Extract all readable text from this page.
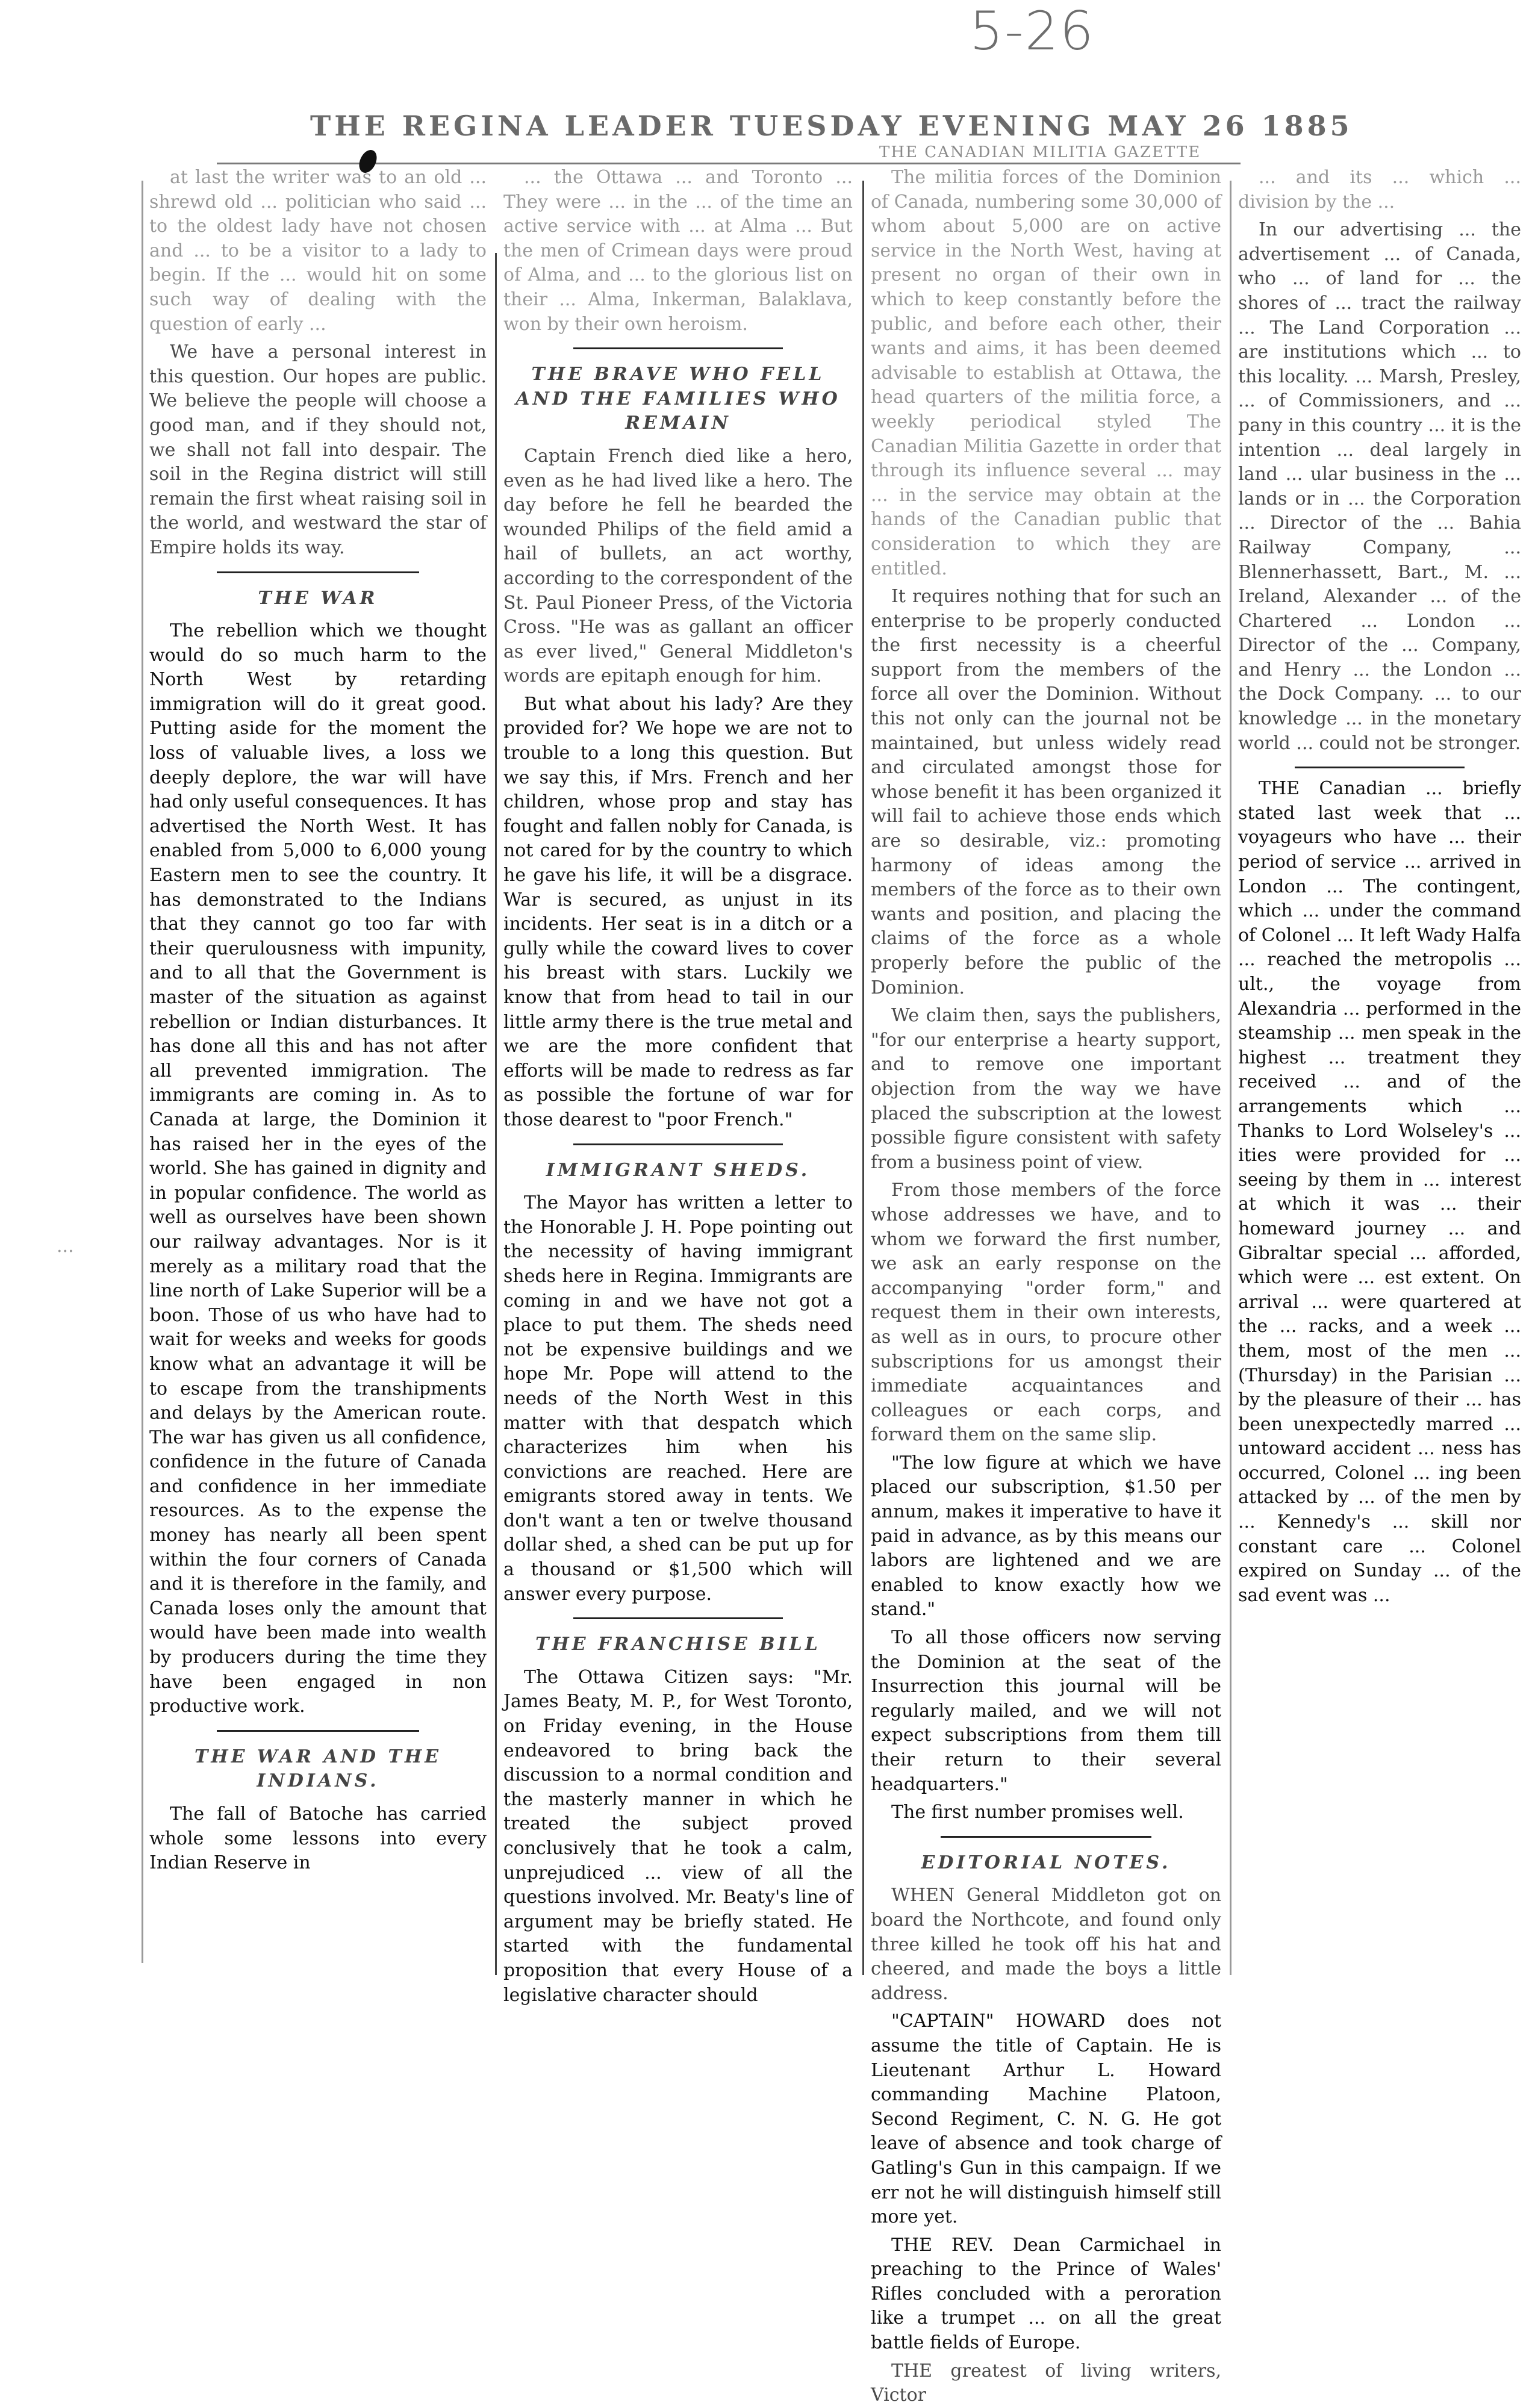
5-26
THE REGINA LEADER TUESDAY EVENING MAY 26 1885
THE CANADIAN MILITIA GAZETTE

...

at last the writer was to an old ... shrewd old ... politician who said ... to the oldest lady have not chosen and ... to be a visitor to a lady to begin. If the ... would hit on some such way of dealing with the question of early ...

We have a personal interest in this question. Our hopes are public. We believe the people will choose a good man, and if they should not, we shall not fall into despair. The soil in the Regina district will still remain the first wheat raising soil in the world, and westward the star of Empire holds its way.

THE WAR

The rebellion which we thought would do so much harm to the North West by retarding immigration will do it great good. Putting aside for the moment the loss of valuable lives, a loss we deeply deplore, the war will have had only useful consequences. It has advertised the North West. It has enabled from 5,000 to 6,000 young Eastern men to see the country. It has demonstrated to the Indians that they cannot go too far with their querulousness with impunity, and to all that the Government is master of the situation as against rebellion or Indian disturbances. It has done all this and has not after all prevented immigration. The immigrants are coming in. As to Canada at large, the Dominion it has raised her in the eyes of the world. She has gained in dignity and in popular confidence. The world as well as ourselves have been shown our railway advantages. Nor is it merely as a military road that the line north of Lake Superior will be a boon. Those of us who have had to wait for weeks and weeks for goods know what an advantage it will be to escape from the transhipments and delays by the American route. The war has given us all confidence, confidence in the future of Canada and confidence in her immediate resources. As to the expense the money has nearly all been spent within the four corners of Canada and it is therefore in the family, and Canada loses only the amount that would have been made into wealth by producers during the time they have been engaged in non productive work.

THE WAR AND THE INDIANS.

The fall of Batoche has carried whole some lessons into every Indian Reserve in

... the Ottawa ... and Toronto ... They were ... in the ... of the time an active service with ... at Alma ... But the men of Crimean days were proud of Alma, and ... to the glorious list on their ... Alma, Inkerman, Balaklava, won by their own heroism.

THE BRAVE WHO FELL AND THE FAMILIES WHO REMAIN

Captain French died like a hero, even as he had lived like a hero. The day before he fell he bearded the wounded Philips of the field amid a hail of bullets, an act worthy, according to the correspondent of the St. Paul Pioneer Press, of the Victoria Cross. "He was as gallant an officer as ever lived," General Middleton's words are epitaph enough for him.

But what about his lady? Are they provided for? We hope we are not to trouble to a long this question. But we say this, if Mrs. French and her children, whose prop and stay has fought and fallen nobly for Canada, is not cared for by the country to which he gave his life, it will be a disgrace. War is secured, as unjust in its incidents. Her seat is in a ditch or a gully while the coward lives to cover his breast with stars. Luckily we know that from head to tail in our little army there is the true metal and we are the more confident that efforts will be made to redress as far as possible the fortune of war for those dearest to "poor French."

IMMIGRANT SHEDS.

The Mayor has written a letter to the Honorable J. H. Pope pointing out the necessity of having immigrant sheds here in Regina. Immigrants are coming in and we have not got a place to put them. The sheds need not be expensive buildings and we hope Mr. Pope will attend to the needs of the North West in this matter with that despatch which characterizes him when his convictions are reached. Here are emigrants stored away in tents. We don't want a ten or twelve thousand dollar shed, a shed can be put up for a thousand or $1,500 which will answer every purpose.

THE FRANCHISE BILL

The Ottawa Citizen says: "Mr. James Beaty, M. P., for West Toronto, on Friday evening, in the House endeavored to bring back the discussion to a normal condition and the masterly manner in which he treated the subject proved conclusively that he took a calm, unprejudiced ... view of all the questions involved. Mr. Beaty's line of argument may be briefly stated. He started with the fundamental proposition that every House of a legislative character should

The militia forces of the Dominion of Canada, numbering some 30,000 of whom about 5,000 are on active service in the North West, having at present no organ of their own in which to keep constantly before the public, and before each other, their wants and aims, it has been deemed advisable to establish at Ottawa, the head quarters of the militia force, a weekly periodical styled The Canadian Militia Gazette in order that through its influence several ... may ... in the service may obtain at the hands of the Canadian public that consideration to which they are entitled.

It requires nothing that for such an enterprise to be properly conducted the first necessity is a cheerful support from the members of the force all over the Dominion. Without this not only can the journal not be maintained, but unless widely read and circulated amongst those for whose benefit it has been organized it will fail to achieve those ends which are so desirable, viz.: promoting harmony of ideas among the members of the force as to their own wants and position, and placing the claims of the force as a whole properly before the public of the Dominion.

We claim then, says the publishers, "for our enterprise a hearty support, and to remove one important objection from the way we have placed the subscription at the lowest possible figure consistent with safety from a business point of view.

From those members of the force whose addresses we have, and to whom we forward the first number, we ask an early response on the accompanying "order form," and request them in their own interests, as well as in ours, to procure other subscriptions for us amongst their immediate acquaintances and colleagues or each corps, and forward them on the same slip.

"The low figure at which we have placed our subscription, $1.50 per annum, makes it imperative to have it paid in advance, as by this means our labors are lightened and we are enabled to know exactly how we stand."

To all those officers now serving the Dominion at the seat of the Insurrection this journal will be regularly mailed, and we will not expect subscriptions from them till their return to their several headquarters."

The first number promises well.

EDITORIAL NOTES.

WHEN General Middleton got on board the Northcote, and found only three killed he took off his hat and cheered, and made the boys a little address.

"CAPTAIN" HOWARD does not assume the title of Captain. He is Lieutenant Arthur L. Howard commanding Machine Platoon, Second Regiment, C. N. G. He got leave of absence and took charge of Gatling's Gun in this campaign. If we err not he will distinguish himself still more yet.

THE REV. Dean Carmichael in preaching to the Prince of Wales' Rifles concluded with a peroration like a trumpet ... on all the great battle fields of Europe.

THE greatest of living writers, Victor

... and its ... which ... division by the ...

In our advertising ... the advertisement ... of Canada, who ... of land for ... the shores of ... tract the railway ... The Land Corporation ... are institutions which ... to this locality. ... Marsh, Presley, ... of Commissioners, and ... pany in this country ... it is the intention ... deal largely in land ... ular business in the ... lands or in ... the Corporation ... Director of the ... Bahia Railway Company, ... Blennerhassett, Bart., M. ... Ireland, Alexander ... of the Chartered ... London ... Director of the ... Company, and Henry ... the London ... the Dock Company. ... to our knowledge ... in the monetary world ... could not be stronger.

THE Canadian ... briefly stated last week that ... voyageurs who have ... their period of service ... arrived in London ... The contingent, which ... under the command of Colonel ... It left Wady Halfa ... reached the metropolis ... ult., the voyage from Alexandria ... performed in the steamship ... men speak in the highest ... treatment they received ... and of the arrangements which ... Thanks to Lord Wolseley's ... ities were provided for ... seeing by them in ... interest at which it was ... their homeward journey ... and Gibraltar special ... afforded, which were ... est extent. On arrival ... were quartered at the ... racks, and a week ... them, most of the men ... (Thursday) in the Parisian ... by the pleasure of their ... has been unexpectedly marred ... untoward accident ... ness has occurred, Colonel ... ing been attacked by ... of the men by ... Kennedy's ... skill nor constant care ... Colonel expired on Sunday ... of the sad event was ...
